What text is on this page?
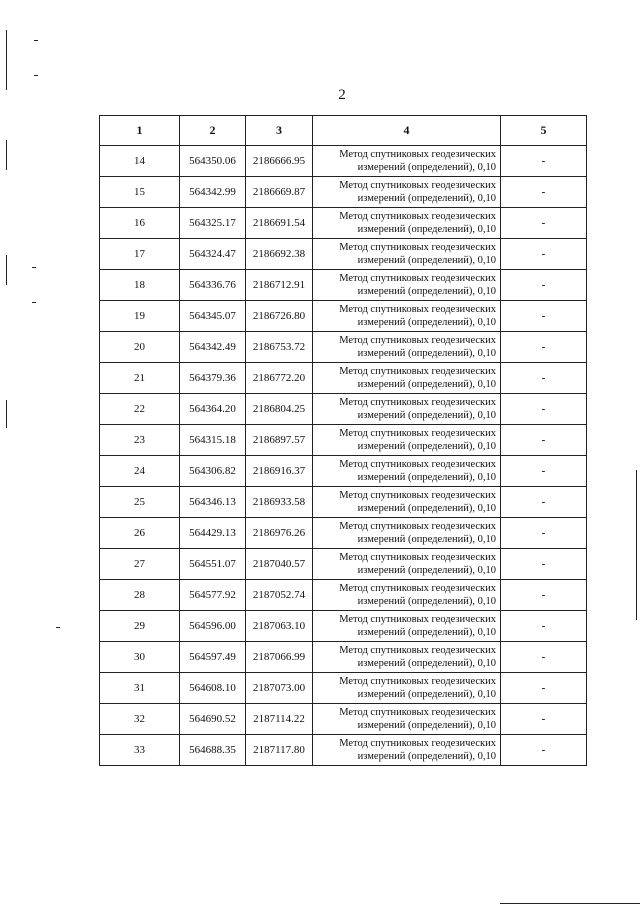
2
1	2	3	4	5
14	564350.06	2186666.95	Метод спутниковых геодезических
измерений (определений), 0,10	-
15	564342.99	2186669.87	Метод спутниковых геодезических
измерений (определений), 0,10	-
16	564325.17	2186691.54	Метод спутниковых геодезических
измерений (определений), 0,10	-
17	564324.47	2186692.38	Метод спутниковых геодезических
измерений (определений), 0,10	-
18	564336.76	2186712.91	Метод спутниковых геодезических
измерений (определений), 0,10	-
19	564345.07	2186726.80	Метод спутниковых геодезических
измерений (определений), 0,10	-
20	564342.49	2186753.72	Метод спутниковых геодезических
измерений (определений), 0,10	-
21	564379.36	2186772.20	Метод спутниковых геодезических
измерений (определений), 0,10	-
22	564364.20	2186804.25	Метод спутниковых геодезических
измерений (определений), 0,10	-
23	564315.18	2186897.57	Метод спутниковых геодезических
измерений (определений), 0,10	-
24	564306.82	2186916.37	Метод спутниковых геодезических
измерений (определений), 0,10	-
25	564346.13	2186933.58	Метод спутниковых геодезических
измерений (определений), 0,10	-
26	564429.13	2186976.26	Метод спутниковых геодезических
измерений (определений), 0,10	-
27	564551.07	2187040.57	Метод спутниковых геодезических
измерений (определений), 0,10	-
28	564577.92	2187052.74	Метод спутниковых геодезических
измерений (определений), 0,10	-
29	564596.00	2187063.10	Метод спутниковых геодезических
измерений (определений), 0,10	-
30	564597.49	2187066.99	Метод спутниковых геодезических
измерений (определений), 0,10	-
31	564608.10	2187073.00	Метод спутниковых геодезических
измерений (определений), 0,10	-
32	564690.52	2187114.22	Метод спутниковых геодезических
измерений (определений), 0,10	-
33	564688.35	2187117.80	Метод спутниковых геодезических
измерений (определений), 0,10	-
